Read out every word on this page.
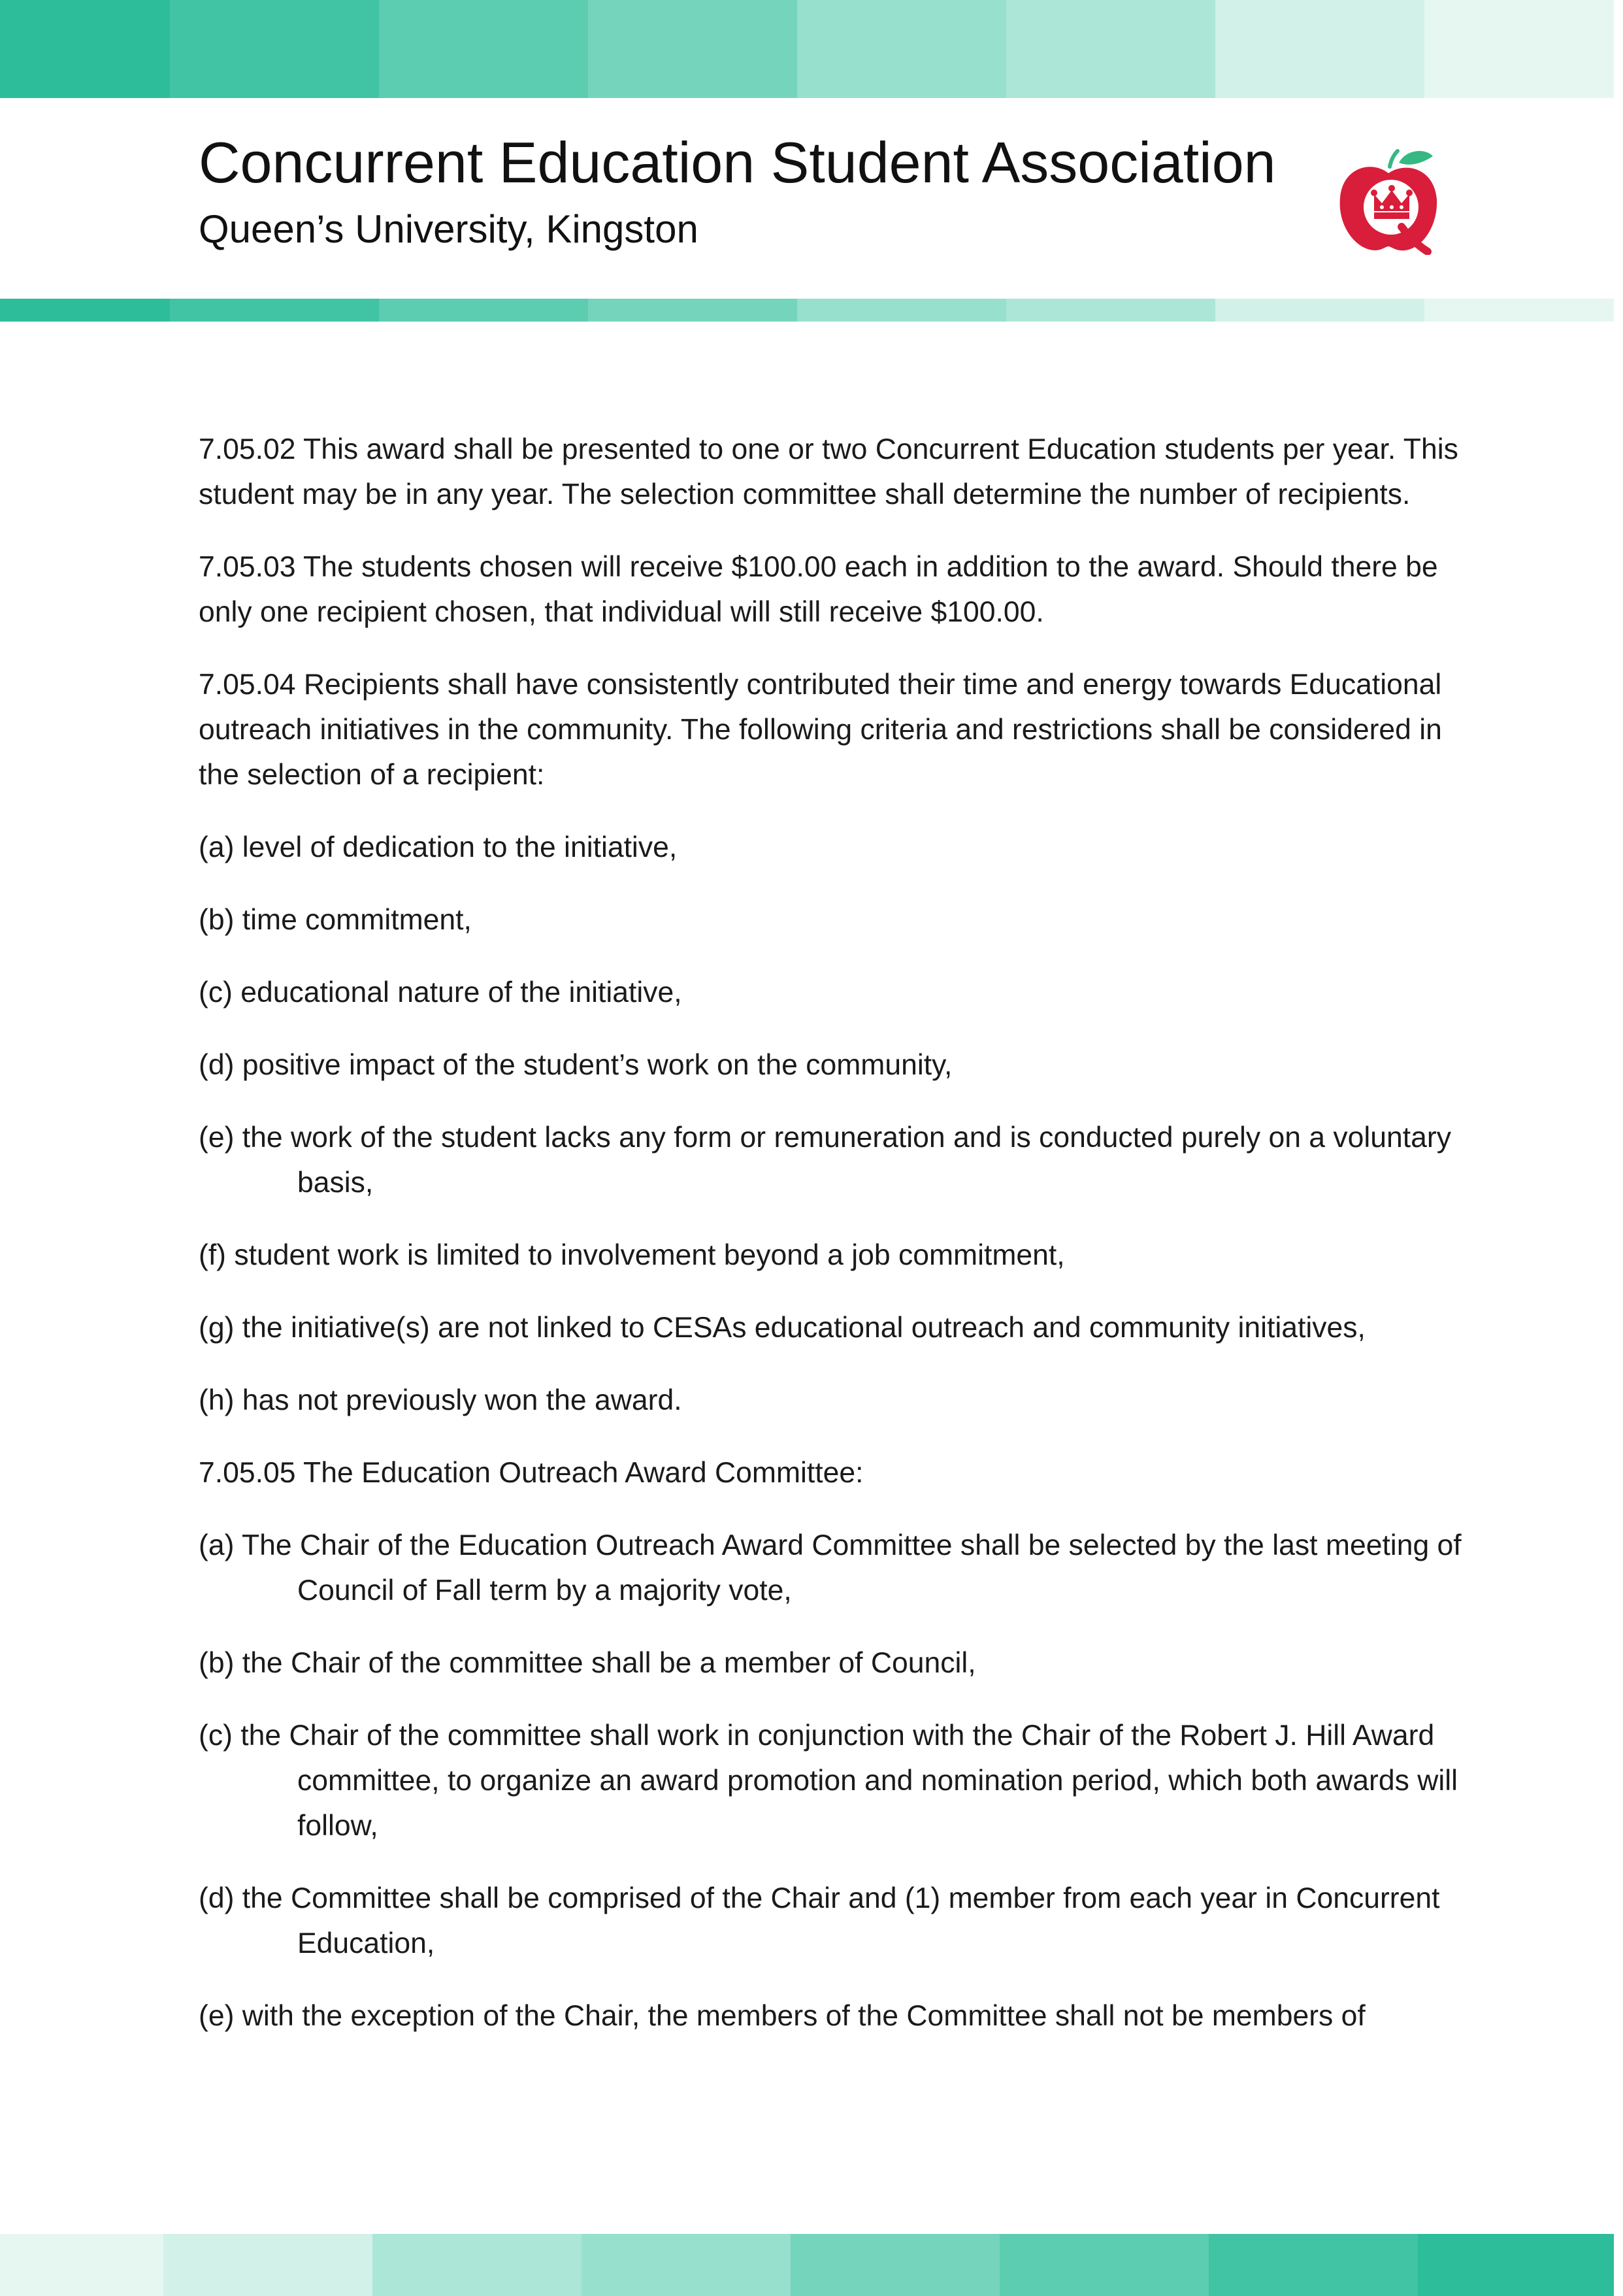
Concurrent Education Student Association
Queen’s University, Kingston

7.05.02 This award shall be presented to one or two Concurrent Education students per year. This student may be in any year. The selection committee shall determine the number of recipients.

7.05.03 The students chosen will receive $100.00 each in addition to the award. Should there be only one recipient chosen, that individual will still receive $100.00.

7.05.04 Recipients shall have consistently contributed their time and energy towards Educational outreach initiatives in the community. The following criteria and restrictions shall be considered in the selection of a recipient:

(a) level of dedication to the initiative,

(b) time commitment,

(c) educational nature of the initiative,

(d) positive impact of the student’s work on the community,

(e) the work of the student lacks any form or remuneration and is conducted purely on a voluntary basis,

(f) student work is limited to involvement beyond a job commitment,

(g) the initiative(s) are not linked to CESAs educational outreach and community initiatives,

(h) has not previously won the award.

7.05.05 The Education Outreach Award Committee:

(a) The Chair of the Education Outreach Award Committee shall be selected by the last meeting of Council of Fall term by a majority vote,

(b) the Chair of the committee shall be a member of Council,

(c) the Chair of the committee shall work in conjunction with the Chair of the Robert J. Hill Award committee, to organize an award promotion and nomination period, which both awards will follow,

(d) the Committee shall be comprised of the Chair and (1) member from each year in Concurrent Education,

(e) with the exception of the Chair, the members of the Committee shall not be members of
